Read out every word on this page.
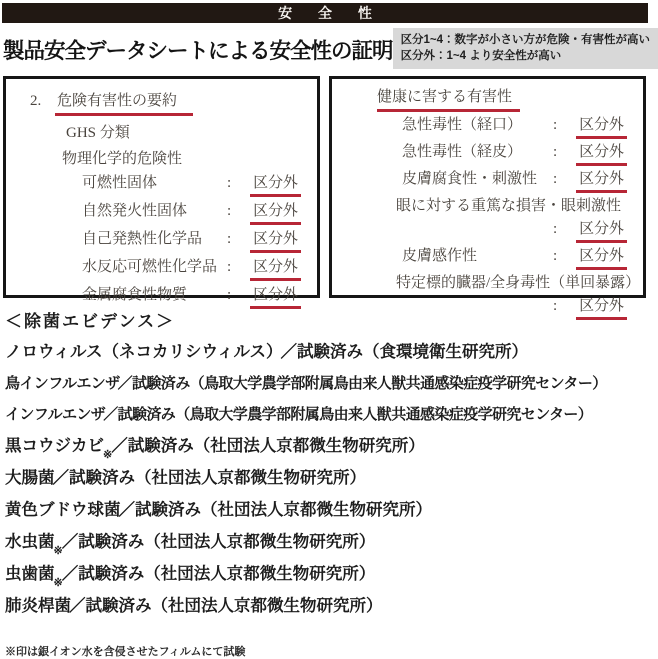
安 全 性
製品安全データシートによる安全性の証明 区分1~4：数字が小さい方が危険・有害性が高い
区分外：1~4 より安全性が高い
2.	危険有害性の要約
GHS 分類
物理化学的危険性
可燃性固体	:	区分外
自然発火性固体	:	区分外
自己発熱性化学品	:	区分外
水反応可燃性化学品 :	区分外
金属腐食性物質	:	区分外
健康に害する有害性
急性毒性（経口）	:	区分外
急性毒性（経皮）	:	区分外
皮膚腐食性・刺激性	:	区分外
眼に対する重篤な損害・眼刺激性
:	区分外
皮膚感作性	:	区分外
特定標的臓器/全身毒性（単回暴露）
:	区分外
＜除菌エビデンス＞
ノロウィルス（ネコカリシウィルス）／試験済み（食環境衛生研究所）
鳥インフルエンザ／試験済み（鳥取大学農学部附属鳥由来人獣共通感染症疫学研究センター）
インフルエンザ／試験済み（鳥取大学農学部附属鳥由来人獣共通感染症疫学研究センター）
黒コウジカビ$_※$／試験済み（社団法人京都微生物研究所）
大腸菌／試験済み（社団法人京都微生物研究所）
黄色ブドウ球菌／試験済み（社団法人京都微生物研究所）
水虫菌$_※$／試験済み（社団法人京都微生物研究所）
虫歯菌$_※$／試験済み（社団法人京都微生物研究所）
肺炎桿菌／試験済み（社団法人京都微生物研究所）
※印は銀イオン水を含侵させたフィルムにて試験
